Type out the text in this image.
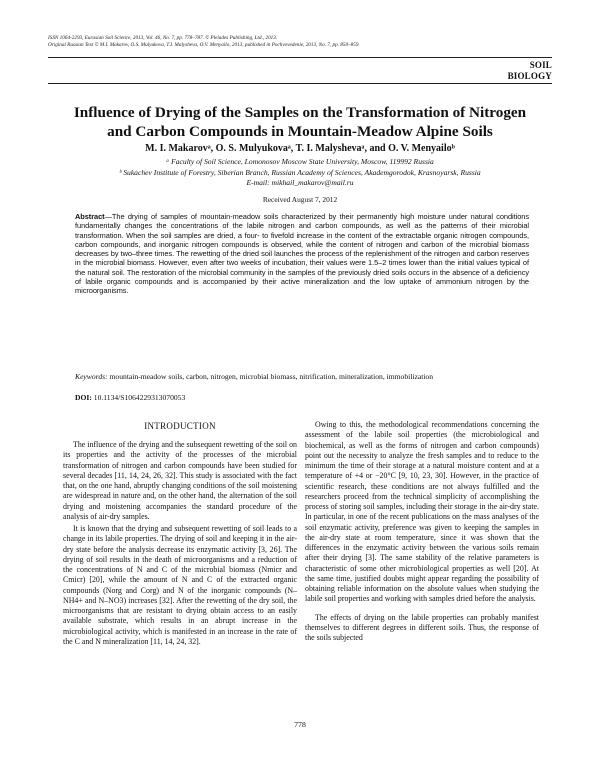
ISSN 1064-2293, Eurasian Soil Science, 2013, Vol. 46, No. 7, pp. 778–787. © Pleiades Publishing, Ltd., 2013.
Original Russian Text © M.I. Makarov, O.S. Mulyukova, T.I. Malysheva, O.V. Menyailo, 2013, published in Pochvovedenie, 2013, No. 7, pp. 850–859.
SOIL
BIOLOGY
Influence of Drying of the Samples on the Transformation of Nitrogen and Carbon Compounds in Mountain-Meadow Alpine Soils
M. I. Makarovᵃ, O. S. Mulyukovaᵃ, T. I. Malyshevaᵃ, and O. V. Menyailoᵇ
ᵃ Faculty of Soil Science, Lomonosov Moscow State University, Moscow, 119992 Russia
ᵇ Sukachev Institute of Forestry, Siberian Branch, Russian Academy of Sciences, Akademgorodok, Krasnoyarsk, Russia
E-mail: mikhail_makarov@mail.ru
Received August 7, 2012
Abstract—The drying of samples of mountain-meadow soils characterized by their permanently high moisture under natural conditions fundamentally changes the concentrations of the labile nitrogen and carbon compounds, as well as the patterns of their microbial transformation. When the soil samples are dried, a four- to fivefold increase in the content of the extractable organic nitrogen compounds, carbon compounds, and inorganic nitrogen compounds is observed, while the content of nitrogen and carbon of the microbial biomass decreases by two–three times. The rewetting of the dried soil launches the process of the replenishment of the nitrogen and carbon reserves in the microbial biomass. However, even after two weeks of incubation, their values were 1.5–2 times lower than the initial values typical of the natural soil. The restoration of the microbial community in the samples of the previously dried soils occurs in the absence of a deficiency of labile organic compounds and is accompanied by their active mineralization and the low uptake of ammonium nitrogen by the microorganisms.
Keywords: mountain-meadow soils, carbon, nitrogen, microbial biomass, nitrification, mineralization, immobilization
DOI: 10.1134/S1064229313070053
INTRODUCTION

The influence of the drying and the subsequent rewetting of the soil on its properties and the activity of the processes of the microbial transformation of nitrogen and carbon compounds have been studied for several decades [11, 14, 24, 26, 32]. This study is associated with the fact that, on the one hand, abruptly changing conditions of the soil moistening are widespread in nature and, on the other hand, the alternation of the soil drying and moistening accompanies the standard procedure of the analysis of air-dry samples.

It is known that the drying and subsequent rewetting of soil leads to a change in its labile properties. The drying of soil and keeping it in the air-dry state before the analysis decrease its enzymatic activity [3, 26]. The drying of soil results in the death of microorganisms and a reduction of the concentrations of N and C of the microbial biomass (Nmicr and Cmicr) [20], while the amount of N and C of the extracted organic compounds (Norg and Corg) and N of the inorganic compounds (N–NH4+ and N–NO3) increases [32]. After the rewetting of the dry soil, the microorganisms that are resistant to drying obtain access to an easily available substrate, which results in an abrupt increase in the microbiological activity, which is manifested in an increase in the rate of the C and N mineralization [11, 14, 24, 32].

Owing to this, the methodological recommendations concerning the assessment of the labile soil properties (the microbiological and biochemical, as well as the forms of nitrogen and carbon compounds) point out the necessity to analyze the fresh samples and to reduce to the minimum the time of their storage at a natural moisture content and at a temperature of +4 or −20°C [9, 10, 23, 30]. However, in the practice of scientific research, these conditions are not always fulfilled and the researchers proceed from the technical simplicity of accomplishing the process of storing soil samples, including their storage in the air-dry state. In particular, in one of the recent publications on the mass analyses of the soil enzymatic activity, preference was given to keeping the samples in the air-dry state at room temperature, since it was shown that the differences in the enzymatic activity between the various soils remain after their drying [3]. The same stability of the relative parameters is characteristic of some other microbiological properties as well [20]. At the same time, justified doubts might appear regarding the possibility of obtaining reliable information on the absolute values when studying the labile soil properties and working with samples dried before the analysis.

The effects of drying on the labile properties can probably manifest themselves to different degrees in different soils. Thus, the response of the soils subjected

778
